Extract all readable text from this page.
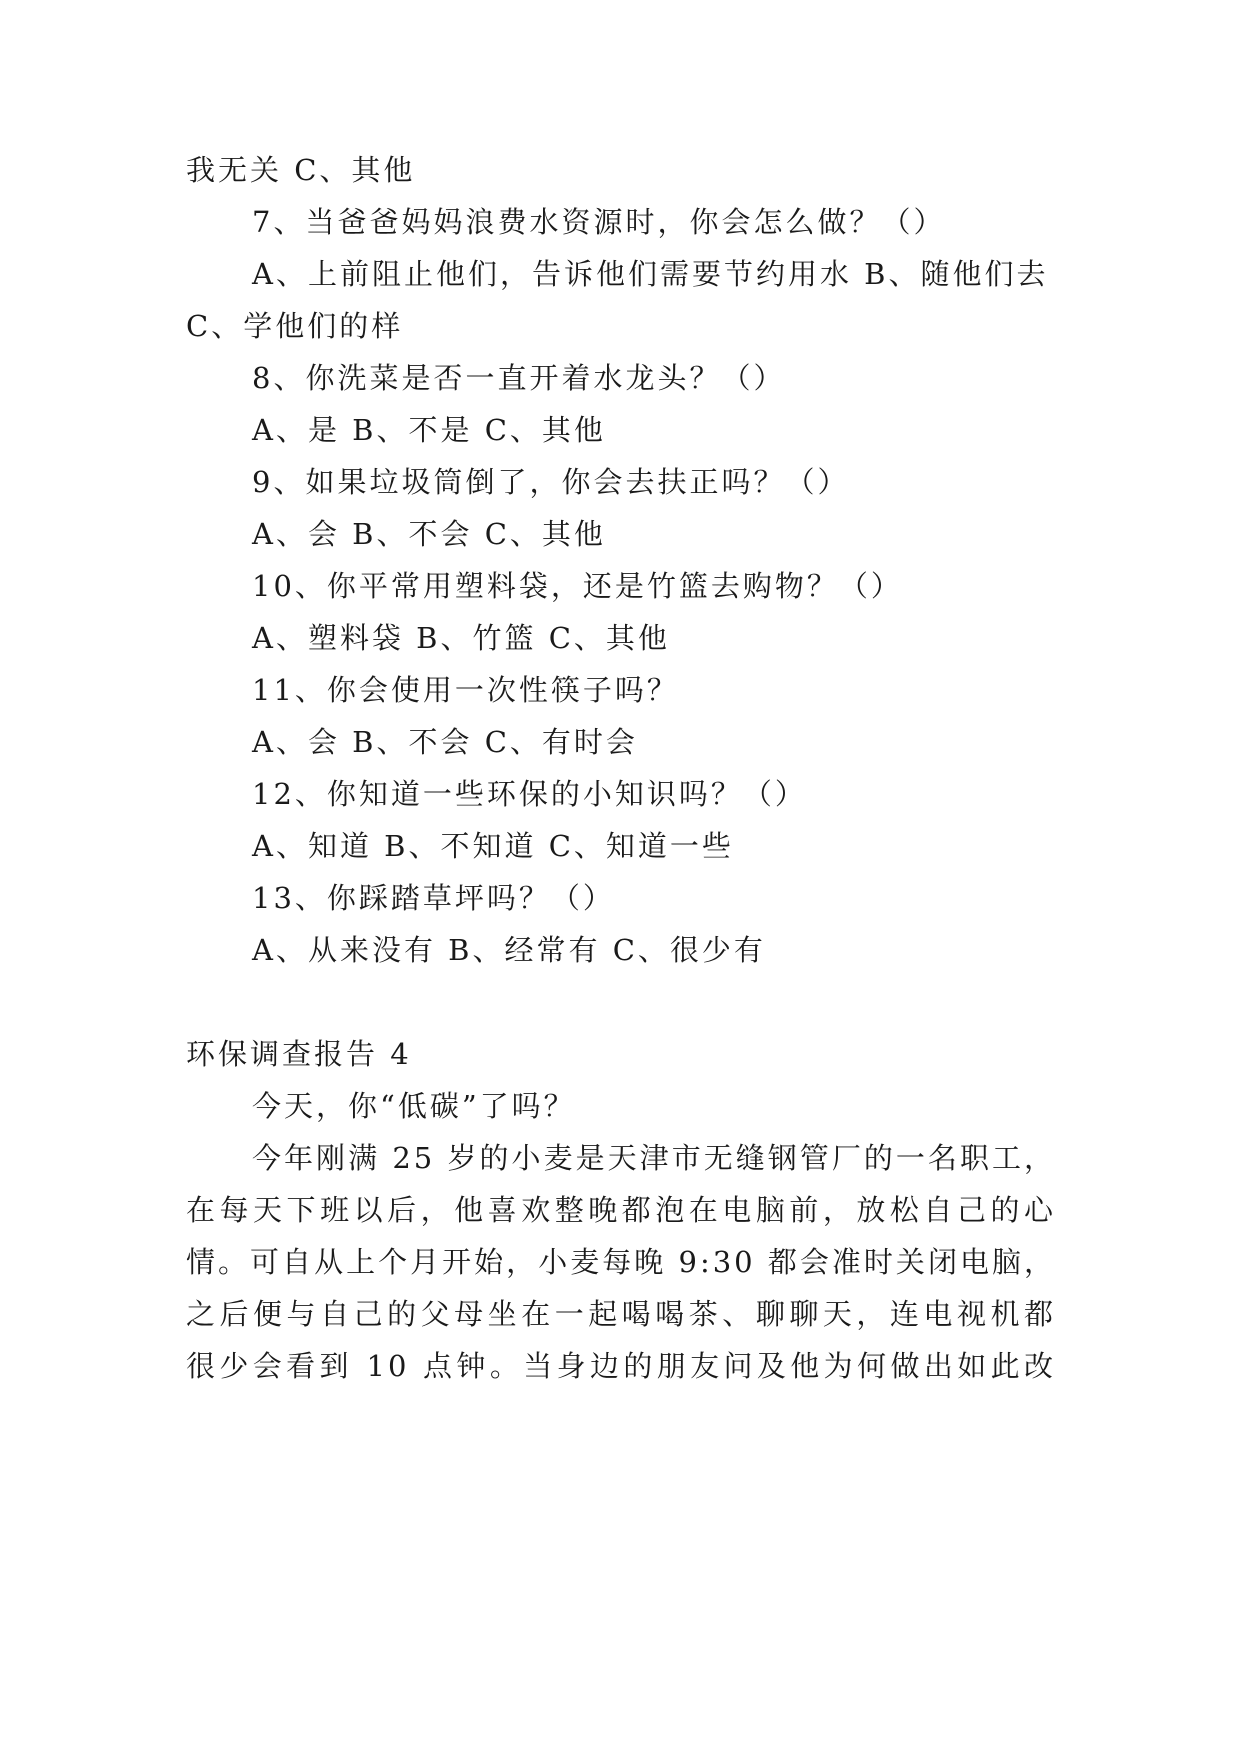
我无关 C、其他
7、当爸爸妈妈浪费水资源时，你会怎么做？（）
A、上前阻止他们，告诉他们需要节约用水 B、随他们去
C、学他们的样
8、你洗菜是否一直开着水龙头？（）
A、是 B、不是 C、其他
9、如果垃圾筒倒了，你会去扶正吗？（）
A、会 B、不会 C、其他
10、你平常用塑料袋，还是竹篮去购物？（）
A、塑料袋 B、竹篮 C、其他
11、你会使用一次性筷子吗？
A、会 B、不会 C、有时会
12、你知道一些环保的小知识吗？（）
A、知道 B、不知道 C、知道一些
13、你踩踏草坪吗？（）
A、从来没有 B、经常有 C、很少有
环保调查报告 4
今天，你“低碳”了吗？
今年刚满 25 岁的小麦是天津市无缝钢管厂的一名职工，
在每天下班以后，他喜欢整晚都泡在电脑前，放松自己的心
情。可自从上个月开始，小麦每晚 9:30 都会准时关闭电脑，
之后便与自己的父母坐在一起喝喝茶、聊聊天，连电视机都
很少会看到 10 点钟。当身边的朋友问及他为何做出如此改
